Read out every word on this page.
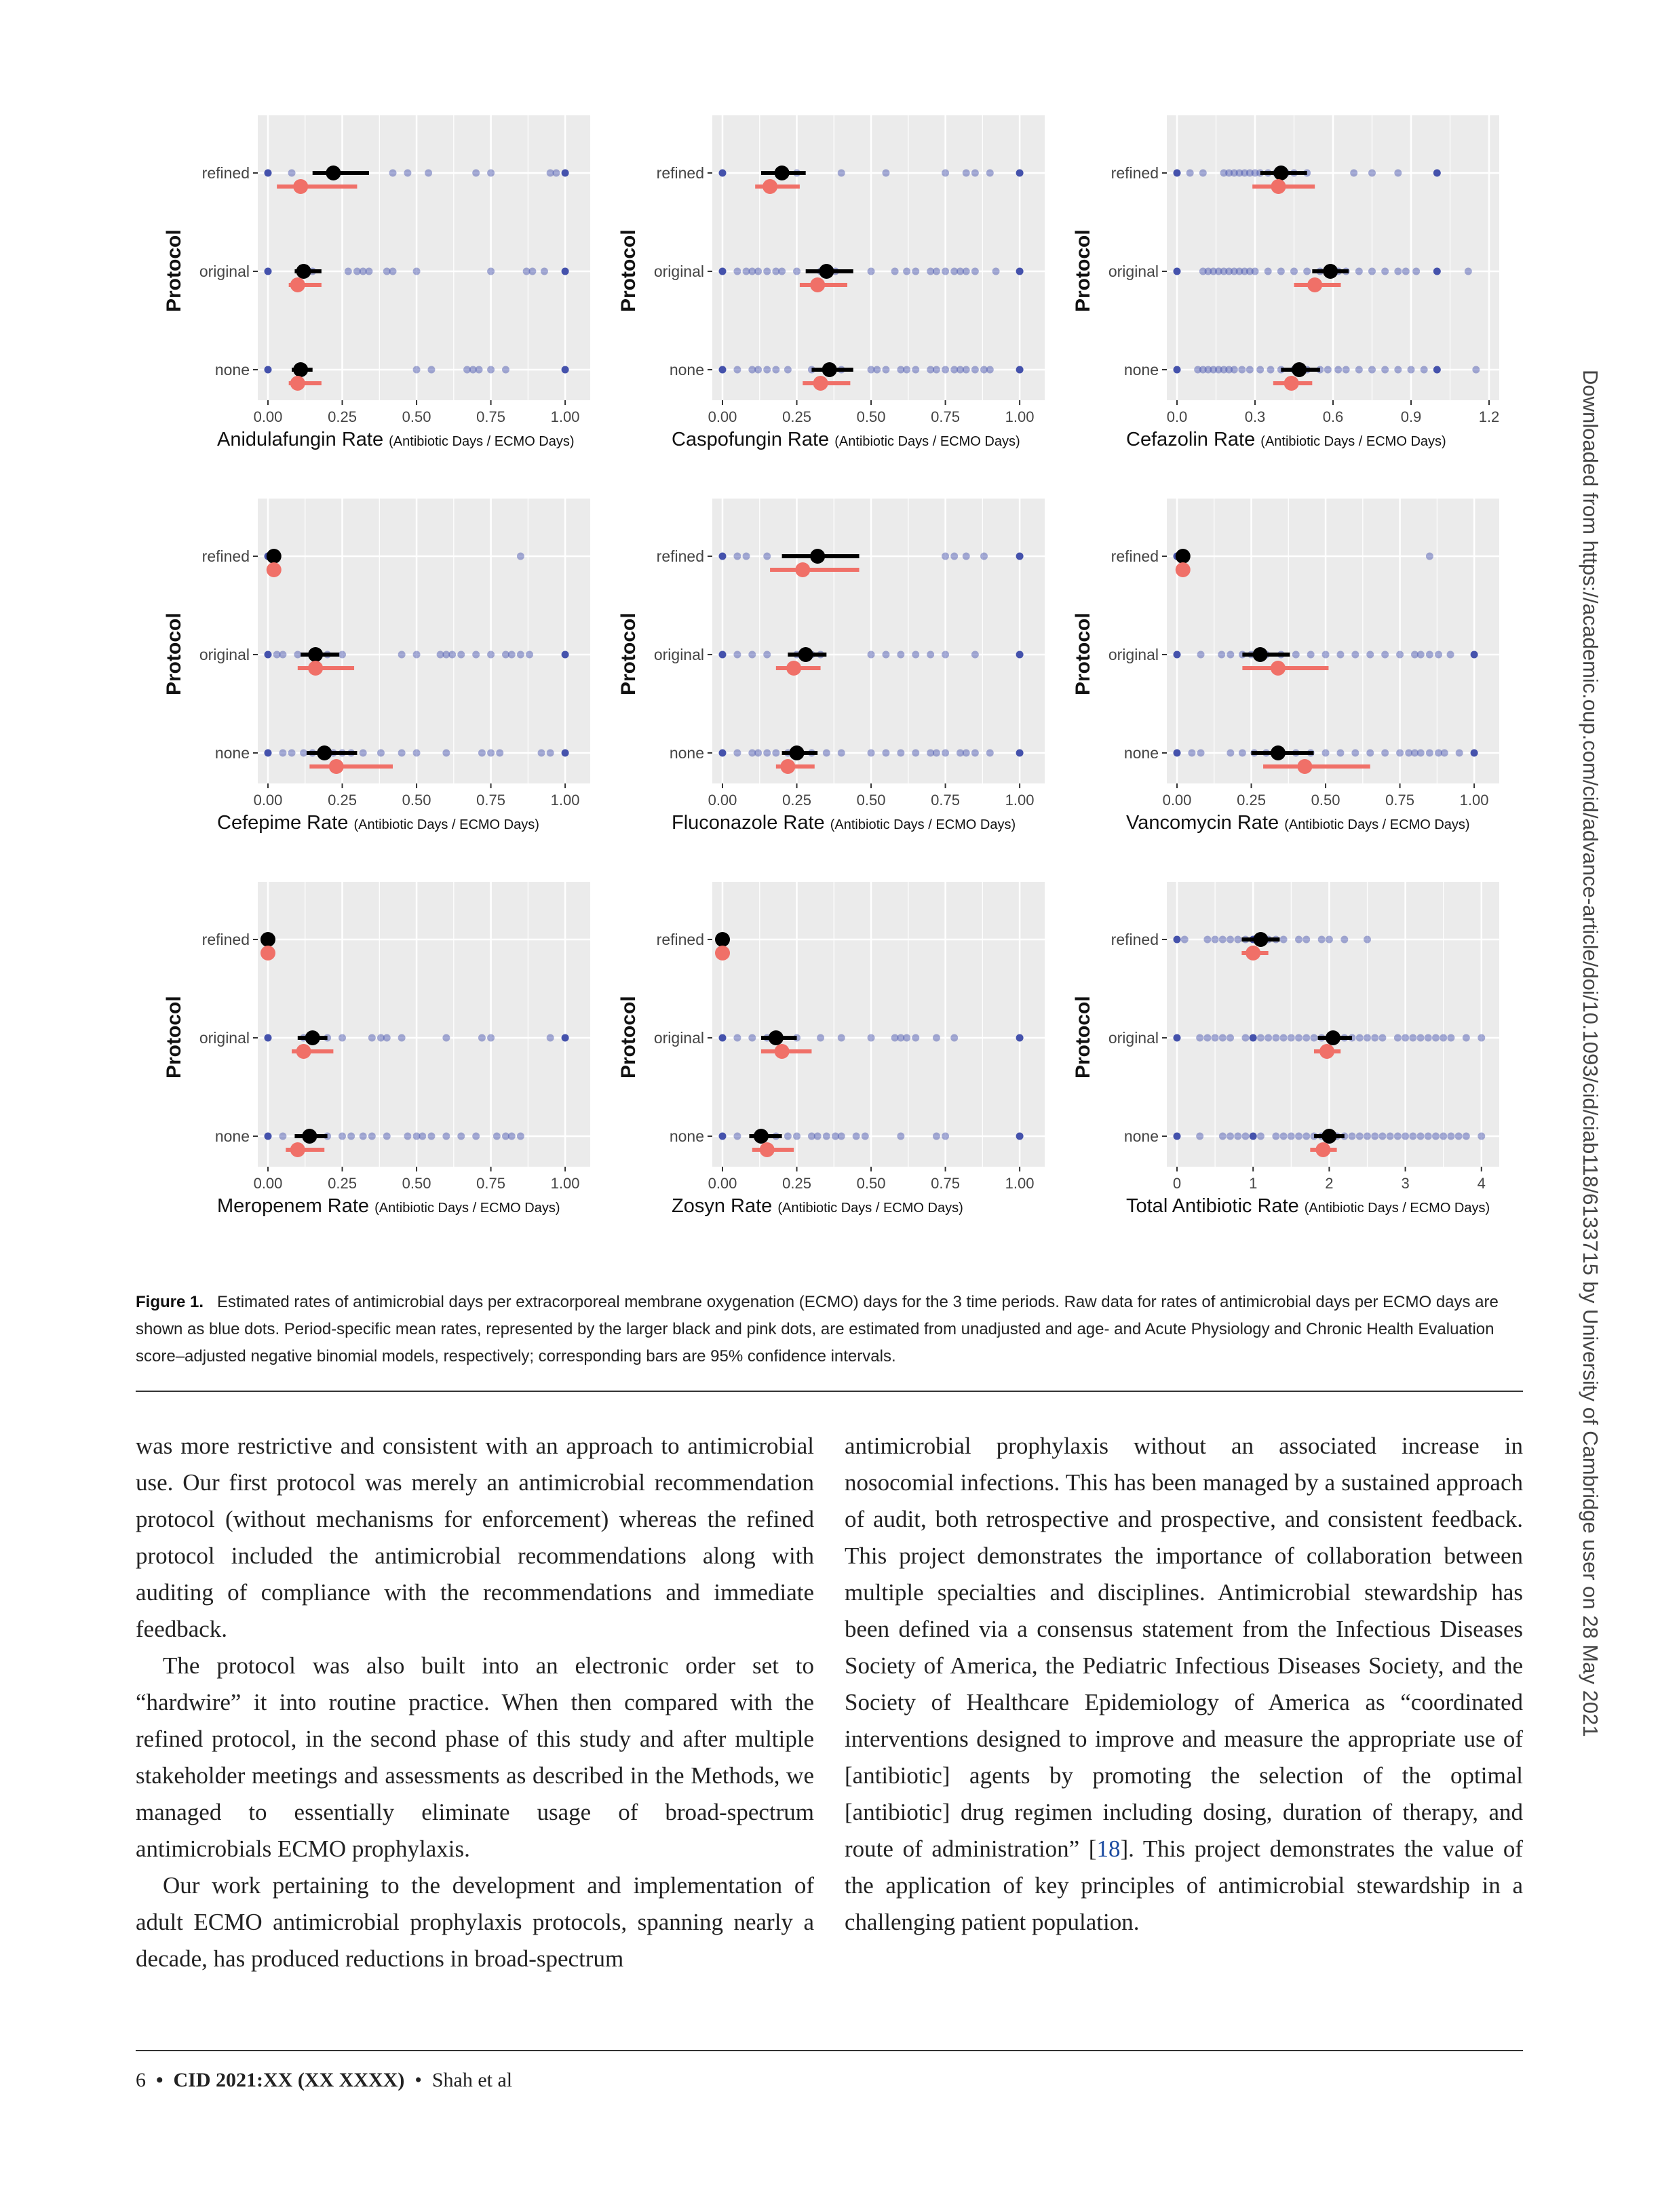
0.00	0.25	0.50	0.75	1.00
none
original
refined
Protocol
Anidulafungin Rate (Antibiotic Days / ECMO Days)
0.00	0.25	0.50	0.75	1.00
none
original
refined
Protocol
Caspofungin Rate (Antibiotic Days / ECMO Days)
0.0	0.3	0.6	0.9	1.2
none
original
refined
Protocol
Cefazolin Rate (Antibiotic Days / ECMO Days)
0.00	0.25	0.50	0.75	1.00
none
original
refined
Protocol
Cefepime Rate (Antibiotic Days / ECMO Days)
0.00	0.25	0.50	0.75	1.00
none
original
refined
Protocol
Fluconazole Rate (Antibiotic Days / ECMO Days)
0.00	0.25	0.50	0.75	1.00
none
original
refined
Protocol
Vancomycin Rate (Antibiotic Days / ECMO Days)
0.00	0.25	0.50	0.75	1.00
none
original
refined
Protocol
Meropenem Rate (Antibiotic Days / ECMO Days)
0.00	0.25	0.50	0.75	1.00
none
original
refined
Protocol
Zosyn Rate (Antibiotic Days / ECMO Days)
0	1	2	3	4
none
original
refined
Protocol
Total Antibiotic Rate (Antibiotic Days / ECMO Days)
Figure 1. Estimated rates of antimicrobial days per extracorporeal membrane oxygenation (ECMO) days for the 3 time periods. Raw data for rates of antimicrobial days per ECMO days are shown as blue dots. Period-specific mean rates, represented by the larger black and pink dots, are estimated from unadjusted and age- and Acute Physiology and Chronic Health Evaluation score–adjusted negative binomial models, respectively; corresponding bars are 95% confidence intervals.

was more restrictive and consistent with an approach to antimicrobial use. Our first protocol was merely an antimicrobial recommendation protocol (without mechanisms for enforcement) whereas the refined protocol included the antimicrobial recommendations along with auditing of compliance with the recommendations and immediate feedback.

The protocol was also built into an electronic order set to “hardwire” it into routine practice. When then compared with the refined protocol, in the second phase of this study and after multiple stakeholder meetings and assessments as described in the Methods, we managed to essentially eliminate usage of broad-spectrum antimicrobials ECMO prophylaxis.

Our work pertaining to the development and implementation of adult ECMO antimicrobial prophylaxis protocols, spanning nearly a decade, has produced reductions in broad-spectrum

antimicrobial prophylaxis without an associated increase in nosocomial infections. This has been managed by a sustained approach of audit, both retrospective and prospective, and consistent feedback. This project demonstrates the importance of collaboration between multiple specialties and disciplines. Antimicrobial stewardship has been defined via a consensus statement from the Infectious Diseases Society of America, the Pediatric Infectious Diseases Society, and the Society of Healthcare Epidemiology of America as “coordinated interventions designed to improve and measure the appropriate use of [antibiotic] agents by promoting the selection of the optimal [antibiotic] drug regimen including dosing, duration of therapy, and route of administration” [18]. This project demonstrates the value of the application of key principles of antimicrobial stewardship in a challenging patient population.

6 • CID 2021:XX (XX XXXX) • Shah et al
Downloaded from https://academic.oup.com/cid/advance-article/doi/10.1093/cid/ciab118/6133715 by University of Cambridge user on 28 May 2021
